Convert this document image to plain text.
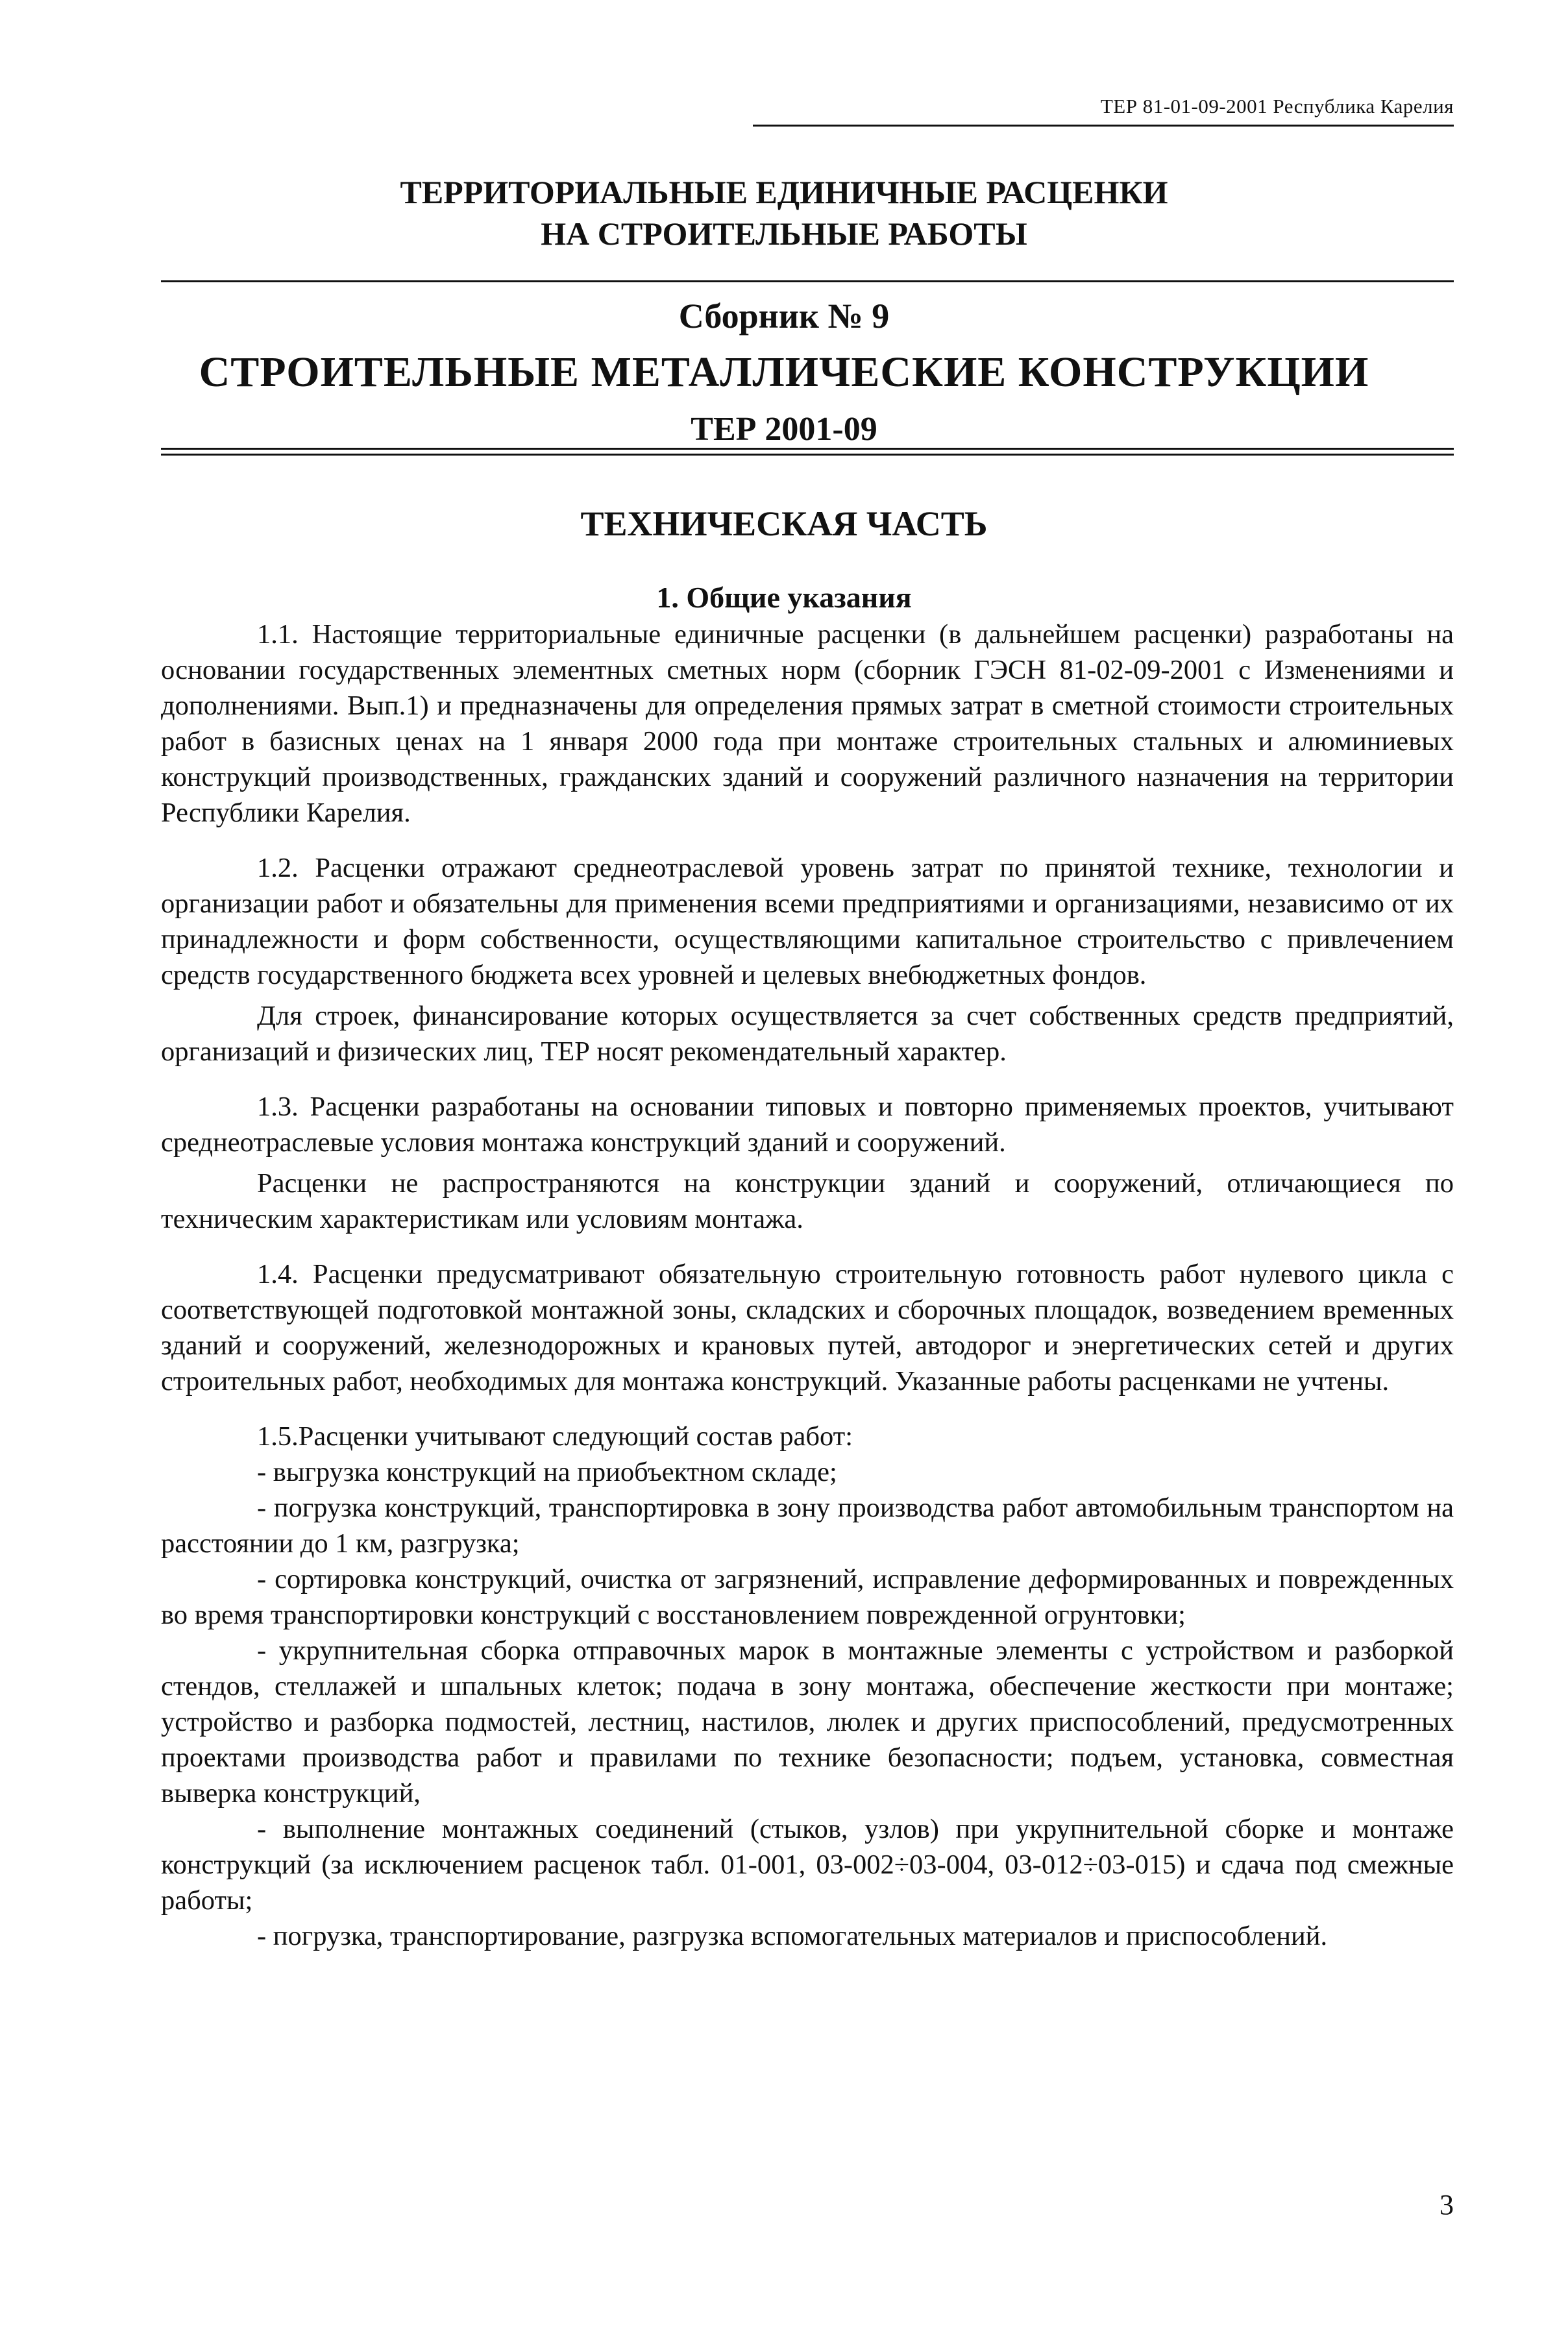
ТЕР 81-01-09-2001 Республика Карелия
ТЕРРИТОРИАЛЬНЫЕ ЕДИНИЧНЫЕ РАСЦЕНКИ
НА СТРОИТЕЛЬНЫЕ РАБОТЫ
Сборник № 9
СТРОИТЕЛЬНЫЕ МЕТАЛЛИЧЕСКИЕ КОНСТРУКЦИИ
ТЕР 2001-09
ТЕХНИЧЕСКАЯ ЧАСТЬ
1. Общие указания

1.1. Настоящие территориальные единичные расценки (в дальнейшем расценки) разработаны на основании государственных элементных сметных норм (сборник ГЭСН 81-02-09-2001 с Изменениями и дополнениями. Вып.1) и предназначены для определения прямых затрат в сметной стоимости строительных работ в базисных ценах на 1 января 2000 года при монтаже строительных стальных и алюминиевых конструкций производственных, гражданских зданий и сооружений различного назначения на территории Республики Карелия.

1.2. Расценки отражают среднеотраслевой уровень затрат по принятой технике, технологии и организации работ и обязательны для применения всеми предприятиями и организациями, независимо от их принадлежности и форм собственности, осуществляющими капитальное строительство с привлечением средств государственного бюджета всех уровней и целевых внебюджетных фондов.

Для строек, финансирование которых осуществляется за счет собственных средств предприятий, организаций и физических лиц, ТЕР носят рекомендательный характер.

1.3. Расценки разработаны на основании типовых и повторно применяемых проектов, учитывают среднеотраслевые условия монтажа конструкций зданий и сооружений.

Расценки не распространяются на конструкции зданий и сооружений, отличающиеся по техническим характеристикам или условиям монтажа.

1.4. Расценки предусматривают обязательную строительную готовность работ нулевого цикла с соответствующей подготовкой монтажной зоны, складских и сборочных площадок, возведением временных зданий и сооружений, железнодорожных и крановых путей, автодорог и энергетических сетей и других строительных работ, необходимых для монтажа конструкций. Указанные работы расценками не учтены.

1.5.Расценки учитывают следующий состав работ:

- выгрузка конструкций на приобъектном складе;

- погрузка конструкций, транспортировка в зону производства работ автомобильным транспортом на расстоянии до 1 км, разгрузка;

- сортировка конструкций, очистка от загрязнений, исправление деформированных и поврежденных во время транспортировки конструкций с восстановлением поврежденной огрунтовки;

- укрупнительная сборка отправочных марок в монтажные элементы с устройством и разборкой стендов, стеллажей и шпальных клеток; подача в зону монтажа, обеспечение жесткости при монтаже; устройство и разборка подмостей, лестниц, настилов, люлек и других приспособлений, предусмотренных проектами производства работ и правилами по технике безопасности; подъем, установка, совместная выверка конструкций,

- выполнение монтажных соединений (стыков, узлов) при укрупнительной сборке и монтаже конструкций (за исключением расценок табл. 01-001, 03-002÷03-004, 03-012÷03-015) и сдача под смежные работы;

- погрузка, транспортирование, разгрузка вспомогательных материалов и приспособлений.

3
